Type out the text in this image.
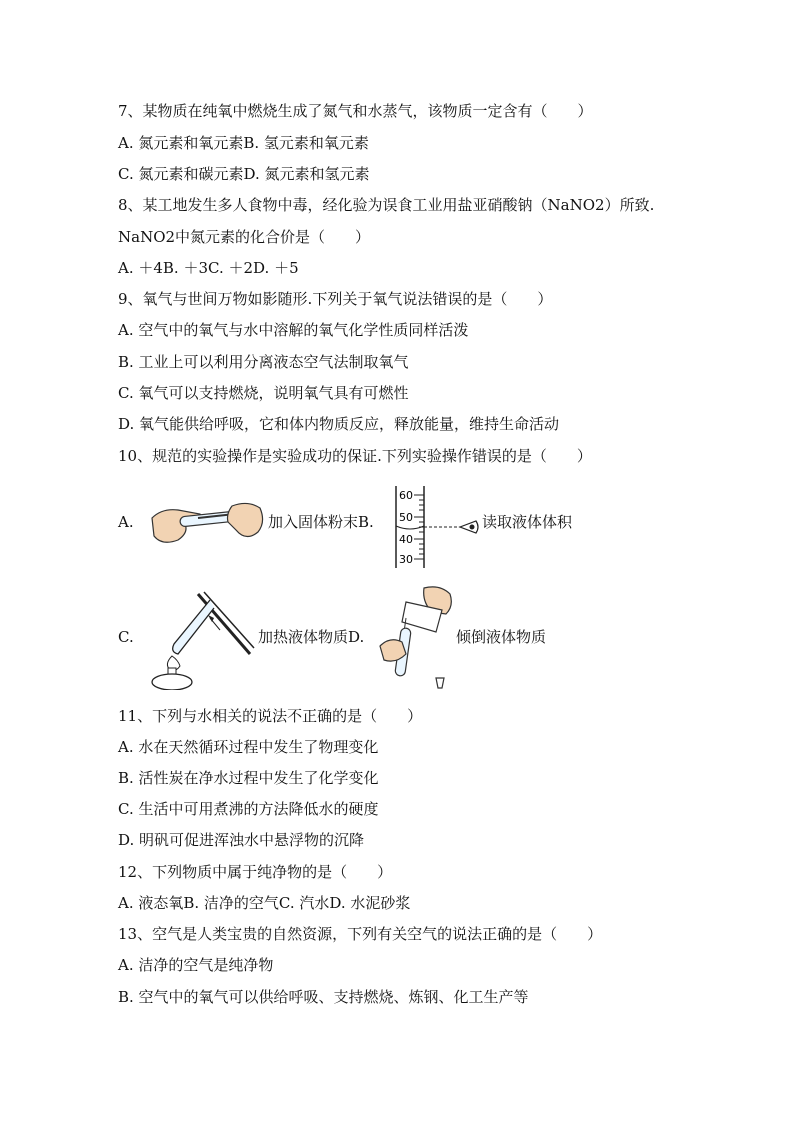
7、某物质在纯氧中燃烧生成了氮气和水蒸气，该物质一定含有（　　）
A. 氮元素和氧元素B. 氢元素和氧元素
C. 氮元素和碳元素D. 氮元素和氢元素
8、某工地发生多人食物中毒，经化验为误食工业用盐亚硝酸钠（NaNO2）所致.
NaNO2中氮元素的化合价是（　　）
A. ＋4B. ＋3C. ＋2D. ＋5
9、氧气与世间万物如影随形.下列关于氧气说法错误的是（　　）
A. 空气中的氧气与水中溶解的氧气化学性质同样活泼
B. 工业上可以利用分离液态空气法制取氧气
C. 氧气可以支持燃烧，说明氧气具有可燃性
D. 氧气能供给呼吸，它和体内物质反应，释放能量，维持生命活动
10、规范的实验操作是实验成功的保证.下列实验操作错误的是（　　）
A.	加入固体粉末B.
60
50
40
30
读取液体体积
C.	加热液体物质D.	倾倒液体物质
11、下列与水相关的说法不正确的是（　　）
A. 水在天然循环过程中发生了物理变化
B. 活性炭在净水过程中发生了化学变化
C. 生活中可用煮沸的方法降低水的硬度
D. 明矾可促进浑浊水中悬浮物的沉降
12、下列物质中属于纯净物的是（　　）
A. 液态氧B. 洁净的空气C. 汽水D. 水泥砂浆
13、空气是人类宝贵的自然资源，下列有关空气的说法正确的是（　　）
A. 洁净的空气是纯净物
B. 空气中的氧气可以供给呼吸、支持燃烧、炼钢、化工生产等
